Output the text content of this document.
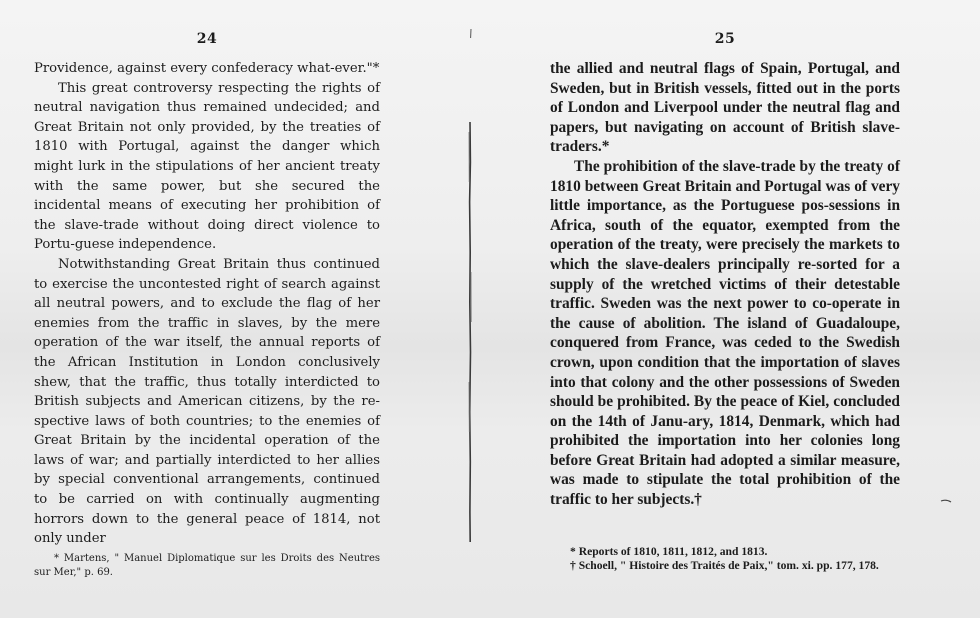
24

Providence, against every confederacy what-ever."*

This great controversy respecting the rights of neutral navigation thus remained undecided; and Great Britain not only provided, by the treaties of 1810 with Portugal, against the danger which might lurk in the stipulations of her ancient treaty with the same power, but she secured the incidental means of executing her prohibition of the slave-trade without doing direct violence to Portu-guese independence.

Notwithstanding Great Britain thus continued to exercise the uncontested right of search against all neutral powers, and to exclude the flag of her enemies from the traffic in slaves, by the mere operation of the war itself, the annual reports of the African Institution in London conclusively shew, that the traffic, thus totally interdicted to British subjects and American citizens, by the re-spective laws of both countries; to the enemies of Great Britain by the incidental operation of the laws of war; and partially interdicted to her allies by special conventional arrangements, continued to be carried on with continually augmenting horrors down to the general peace of 1814, not only under

* Martens, " Manuel Diplomatique sur les Droits des Neutres sur Mer," p. 69.

25

the allied and neutral flags of Spain, Portugal, and Sweden, but in British vessels, fitted out in the ports of London and Liverpool under the neutral flag and papers, but navigating on account of British slave-traders.*

The prohibition of the slave-trade by the treaty of 1810 between Great Britain and Portugal was of very little importance, as the Portuguese pos-sessions in Africa, south of the equator, exempted from the operation of the treaty, were precisely the markets to which the slave-dealers principally re-sorted for a supply of the wretched victims of their detestable traffic. Sweden was the next power to co-operate in the cause of abolition. The island of Guadaloupe, conquered from France, was ceded to the Swedish crown, upon condition that the importation of slaves into that colony and the other possessions of Sweden should be prohibited. By the peace of Kiel, concluded on the 14th of Janu-ary, 1814, Denmark, which had prohibited the importation into her colonies long before Great Britain had adopted a similar measure, was made to stipulate the total prohibition of the traffic to her subjects.†

* Reports of 1810, 1811, 1812, and 1813.

† Schoell, " Histoire des Traités de Paix," tom. xi. pp. 177, 178.
